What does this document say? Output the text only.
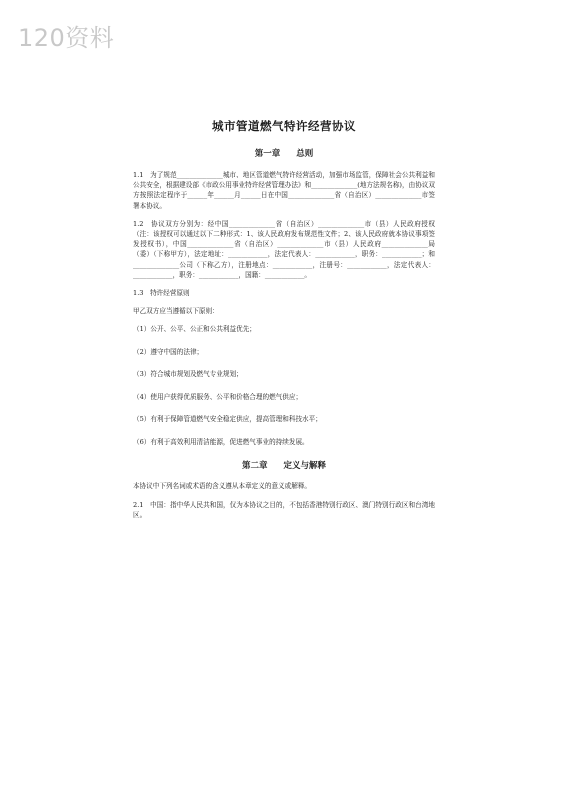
120资料
城市管道燃气特许经营协议
第一章 总则

1.1　为了规范______________城市、地区管道燃气特许经营活动，加强市场监管，保障社会公共利益和公共安全，根据建设部《市政公用事业特许经营管理办法》和______________(地方法规名称)，由协议双方按照法定程序于______年______月______日在中国______________省（自治区）______________市签署本协议。

1.2　协议双方分别为：经中国______________省（自治区）______________市（县）人民政府授权（注：该授权可以通过以下二种形式：1、该人民政府发布规范性文件；2、该人民政府就本协议事项签发授权书），中国______________省（自治区）______________市（县）人民政府______________局（委）（下称甲方），法定地址：____________，法定代表人：____________，职务：____________；和______________公司（下称乙方），注册地点：____________，注册号：____________，法定代表人：____________，职务：____________，国籍：____________。

1.3　特许经营原则

甲乙双方应当遵循以下原则：

（1）公开、公平、公正和公共利益优先；
（2）遵守中国的法律；
（3）符合城市规划及燃气专业规划；
（4）使用户获得优质服务、公平和价格合理的燃气供应；
（5）有利于保障管道燃气安全稳定供应，提高管理和科技水平；
（6）有利于高效利用清洁能源，促进燃气事业的持续发展。
第二章 定义与解释

本协议中下列名词或术语的含义遵从本章定义的意义或解释。

2.1　中国：指中华人民共和国，仅为本协议之目的，不包括香港特别行政区、澳门特别行政区和台湾地区。
